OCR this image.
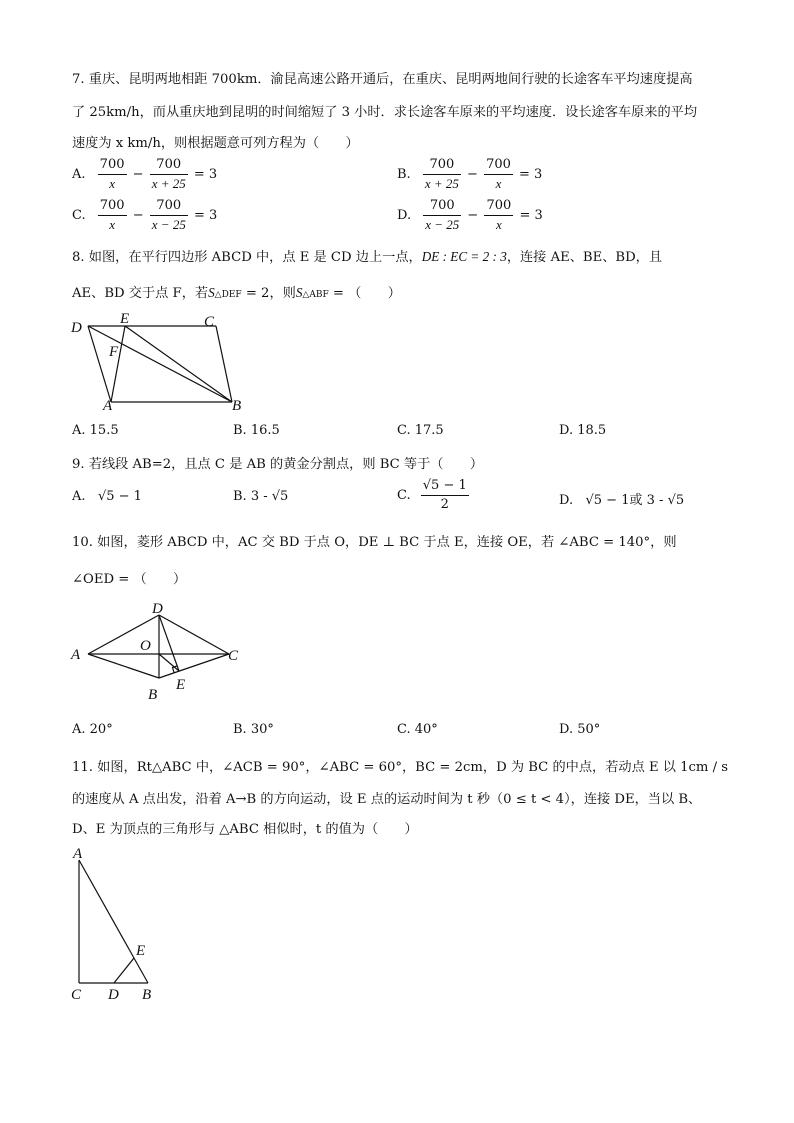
7. 重庆、昆明两地相距 700km．渝昆高速公路开通后，在重庆、昆明两地间行驶的长途客车平均速度提高
了 25km/h，而从重庆地到昆明的时间缩短了 3 小时．求长途客车原来的平均速度．设长途客车原来的平均
速度为 x km/h，则根据题意可列方程为（　　）
A. $\frac{700}{x} - \frac{700}{x + 25} = 3$	B. $\frac{700}{x + 25} - \frac{700}{x} = 3$
C. $\frac{700}{x} - \frac{700}{x - 25} = 3$	D. $\frac{700}{x - 25} - \frac{700}{x} = 3$
8. 如图，在平行四边形 ABCD 中，点 E 是 CD 边上一点，DE : EC = 2 : 3，连接 AE、BE、BD，且
AE、BD 交于点 F，若S△DEF = 2，则S△ABF = （　　）
D
E	C
F
A	B
A. 15.5	B. 16.5	C. 17.5	D. 18.5
9. 若线段 AB=2，且点 C 是 AB 的黄金分割点，则 BC 等于（　　）
A. √5 − 1	B. 3 - √5	C. $\frac{√5 - 1}{2}$	D. √5 − 1或 3 - √5
10. 如图，菱形 ABCD 中，AC 交 BD 于点 O，DE ⊥ BC 于点 E，连接 OE，若 ∠ABC = 140°，则
∠OED = （　　）
A
D
O
C
E
B
A. 20°	B. 30°	C. 40°	D. 50°
11. 如图，Rt△ABC 中，∠ACB = 90°，∠ABC = 60°，BC = 2cm，D 为 BC 的中点，若动点 E 以 1cm / s
的速度从 A 点出发，沿着 A→B 的方向运动，设 E 点的运动时间为 t 秒（0 ≤ t < 4），连接 DE，当以 B、
D、E 为顶点的三角形与 △ABC 相似时，t 的值为（　　）
A
E
C D B
